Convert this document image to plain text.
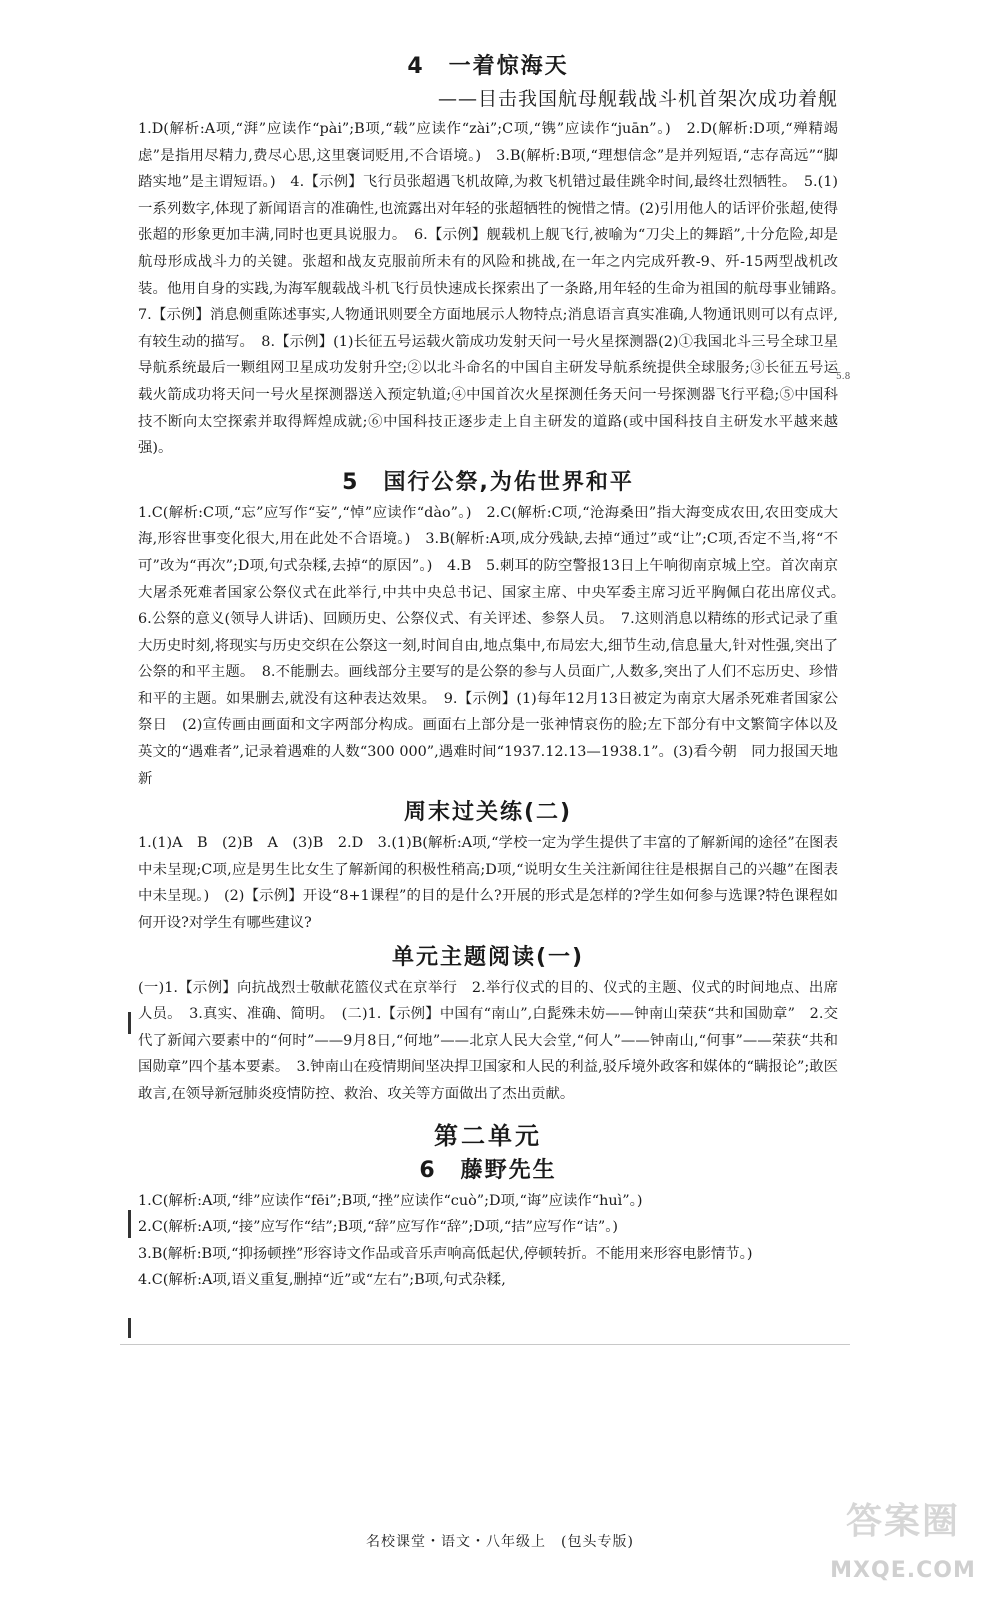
5.8
4　一着惊海天

——目击我国航母舰载战斗机首架次成功着舰

1.D(解析:A项,“湃”应读作“pài”;B项,“载”应读作“zài”;C项,“镌”应读作“juān”。)　2.D(解析:D项,“殚精竭虑”是指用尽精力,费尽心思,这里褒词贬用,不合语境。)　3.B(解析:B项,“理想信念”是并列短语,“志存高远”“脚踏实地”是主谓短语。)　4.【示例】飞行员张超遇飞机故障,为救飞机错过最佳跳伞时间,最终壮烈牺牲。　5.(1)一系列数字,体现了新闻语言的准确性,也流露出对年轻的张超牺牲的惋惜之情。(2)引用他人的话评价张超,使得张超的形象更加丰满,同时也更具说服力。　6.【示例】舰载机上舰飞行,被喻为“刀尖上的舞蹈”,十分危险,却是航母形成战斗力的关键。张超和战友克服前所未有的风险和挑战,在一年之内完成歼教-9、歼-15两型战机改装。他用自身的实践,为海军舰载战斗机飞行员快速成长探索出了一条路,用年轻的生命为祖国的航母事业铺路。　7.【示例】消息侧重陈述事实,人物通讯则要全方面地展示人物特点;消息语言真实准确,人物通讯则可以有点评,有较生动的描写。　8.【示例】(1)长征五号运载火箭成功发射天问一号火星探测器(2)①我国北斗三号全球卫星导航系统最后一颗组网卫星成功发射升空;②以北斗命名的中国自主研发导航系统提供全球服务;③长征五号运载火箭成功将天问一号火星探测器送入预定轨道;④中国首次火星探测任务天问一号探测器飞行平稳;⑤中国科技不断向太空探索并取得辉煌成就;⑥中国科技正逐步走上自主研发的道路(或中国科技自主研发水平越来越强)。

5　国行公祭,为佑世界和平

1.C(解析:C项,“忘”应写作“妄”,“悼”应读作“dào”。)　2.C(解析:C项,“沧海桑田”指大海变成农田,农田变成大海,形容世事变化很大,用在此处不合语境。)　3.B(解析:A项,成分残缺,去掉“通过”或“让”;C项,否定不当,将“不可”改为“再次”;D项,句式杂糅,去掉“的原因”。)　4.B　5.刺耳的防空警报13日上午响彻南京城上空。首次南京大屠杀死难者国家公祭仪式在此举行,中共中央总书记、国家主席、中央军委主席习近平胸佩白花出席仪式。　6.公祭的意义(领导人讲话)、回顾历史、公祭仪式、有关评述、参祭人员。　7.这则消息以精练的形式记录了重大历史时刻,将现实与历史交织在公祭这一刻,时间自由,地点集中,布局宏大,细节生动,信息量大,针对性强,突出了公祭的和平主题。　8.不能删去。画线部分主要写的是公祭的参与人员面广,人数多,突出了人们不忘历史、珍惜和平的主题。如果删去,就没有这种表达效果。　9.【示例】(1)每年12月13日被定为南京大屠杀死难者国家公祭日　(2)宣传画由画面和文字两部分构成。画面右上部分是一张神情哀伤的脸;左下部分有中文繁简字体以及英文的“遇难者”,记录着遇难的人数“300 000”,遇难时间“1937.12.13—1938.1”。(3)看今朝　同力报国天地新

周末过关练(二)

1.(1)A　B　(2)B　A　(3)B　2.D　3.(1)B(解析:A项,“学校一定为学生提供了丰富的了解新闻的途径”在图表中未呈现;C项,应是男生比女生了解新闻的积极性稍高;D项,“说明女生关注新闻往往是根据自己的兴趣”在图表中未呈现。)　(2)【示例】开设“8+1课程”的目的是什么?开展的形式是怎样的?学生如何参与选课?特色课程如何开设?对学生有哪些建议?

单元主题阅读(一)

(一)1.【示例】向抗战烈士敬献花篮仪式在京举行　2.举行仪式的目的、仪式的主题、仪式的时间地点、出席人员。　3.真实、准确、简明。　(二)1.【示例】中国有“南山”,白髭殊未妨——钟南山荣获“共和国勋章”　2.交代了新闻六要素中的“何时”——9月8日,“何地”——北京人民大会堂,“何人”——钟南山,“何事”——荣获“共和国勋章”四个基本要素。　3.钟南山在疫情期间坚决捍卫国家和人民的利益,驳斥境外政客和媒体的“瞒报论”;敢医敢言,在领导新冠肺炎疫情防控、救治、攻关等方面做出了杰出贡献。

第二单元
6　藤野先生

1.C(解析:A项,“绯”应读作“fēi”;B项,“挫”应读作“cuò”;D项,“诲”应读作“huì”。)

2.C(解析:A项,“接”应写作“结”;B项,“辞”应写作“辞”;D项,“拮”应写作“诘”。)

3.B(解析:B项,“抑扬顿挫”形容诗文作品或音乐声响高低起伏,停顿转折。不能用来形容电影情节。)

4.C(解析:A项,语义重复,删掉“近”或“左右”;B项,句式杂糅,

名校课堂・语文・八年级上　(包头专版)	答案圈
MXQE.COM
